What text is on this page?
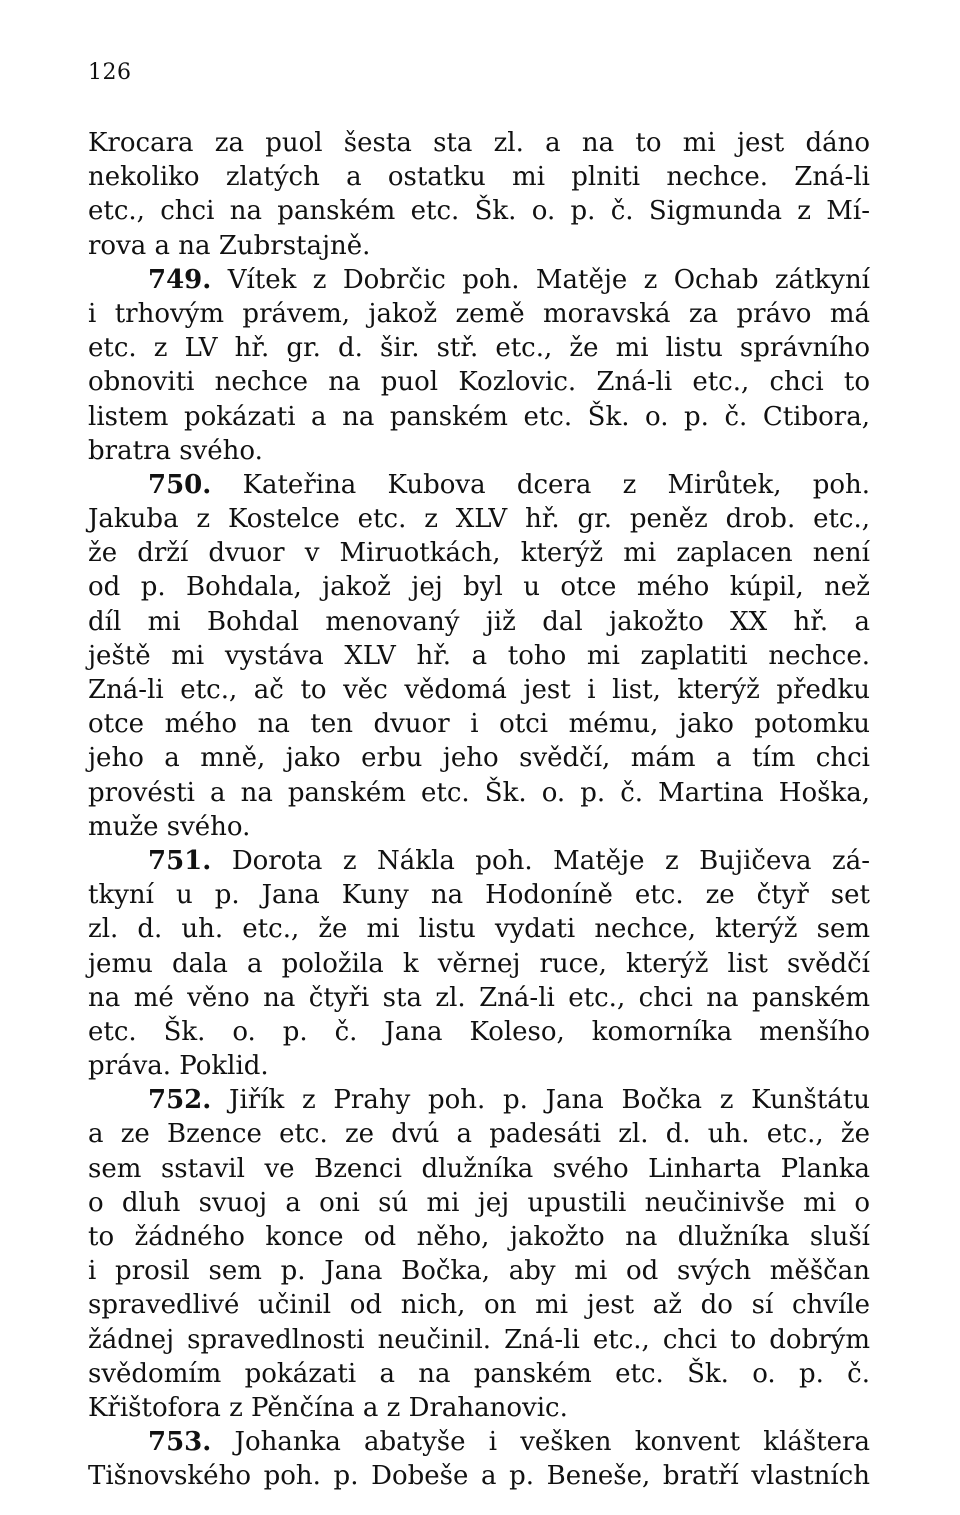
126
Krocara za puol šesta sta zl. a na to mi jest dáno
nekoliko zlatých a ostatku mi plniti nechce. Zná-li
etc., chci na panském etc. Šk. o. p. č. Sigmunda z Mí-
rova a na Zubrstajně.
749. Vítek z Dobrčic poh. Matěje z Ochab zátkyní
i trhovým právem, jakož země moravská za právo má
etc. z LV hř. gr. d. šir. stř. etc., že mi listu správního
obnoviti nechce na puol Kozlovic. Zná-li etc., chci to
listem pokázati a na panském etc. Šk. o. p. č. Ctibora,
bratra svého.
750. Kateřina Kubova dcera z Mirůtek, poh.
Jakuba z Kostelce etc. z XLV hř. gr. peněz drob. etc.,
že drží dvuor v Miruotkách, kterýž mi zaplacen není
od p. Bohdala, jakož jej byl u otce mého kúpil, než
díl mi Bohdal menovaný již dal jakožto XX hř. a
ještě mi vystáva XLV hř. a toho mi zaplatiti nechce.
Zná-li etc., ač to věc vědomá jest i list, kterýž předku
otce mého na ten dvuor i otci mému, jako potomku
jeho a mně, jako erbu jeho svědčí, mám a tím chci
provésti a na panském etc. Šk. o. p. č. Martina Hoška,
muže svého.
751. Dorota z Nákla poh. Matěje z Bujičeva zá-
tkyní u p. Jana Kuny na Hodoníně etc. ze čtyř set
zl. d. uh. etc., že mi listu vydati nechce, kterýž sem
jemu dala a položila k věrnej ruce, kterýž list svědčí
na mé věno na čtyři sta zl. Zná-li etc., chci na panském
etc. Šk. o. p. č. Jana Koleso, komorníka menšího
práva. Poklid.
752. Jiřík z Prahy poh. p. Jana Bočka z Kunštátu
a ze Bzence etc. ze dvú a padesáti zl. d. uh. etc., že
sem sstavil ve Bzenci dlužníka svého Linharta Planka
o dluh svuoj a oni sú mi jej upustili neučinivše mi o
to žádného konce od něho, jakožto na dlužníka sluší
i prosil sem p. Jana Bočka, aby mi od svých měščan
spravedlivé učinil od nich, on mi jest až do sí chvíle
žádnej spravedlnosti neučinil. Zná-li etc., chci to dobrým
svědomím pokázati a na panském etc. Šk. o. p. č.
Křištofora z Pěnčína a z Drahanovic.
753. Johanka abatyše i vešken konvent kláštera
Tišnovského poh. p. Dobeše a p. Beneše, bratří vlastních
